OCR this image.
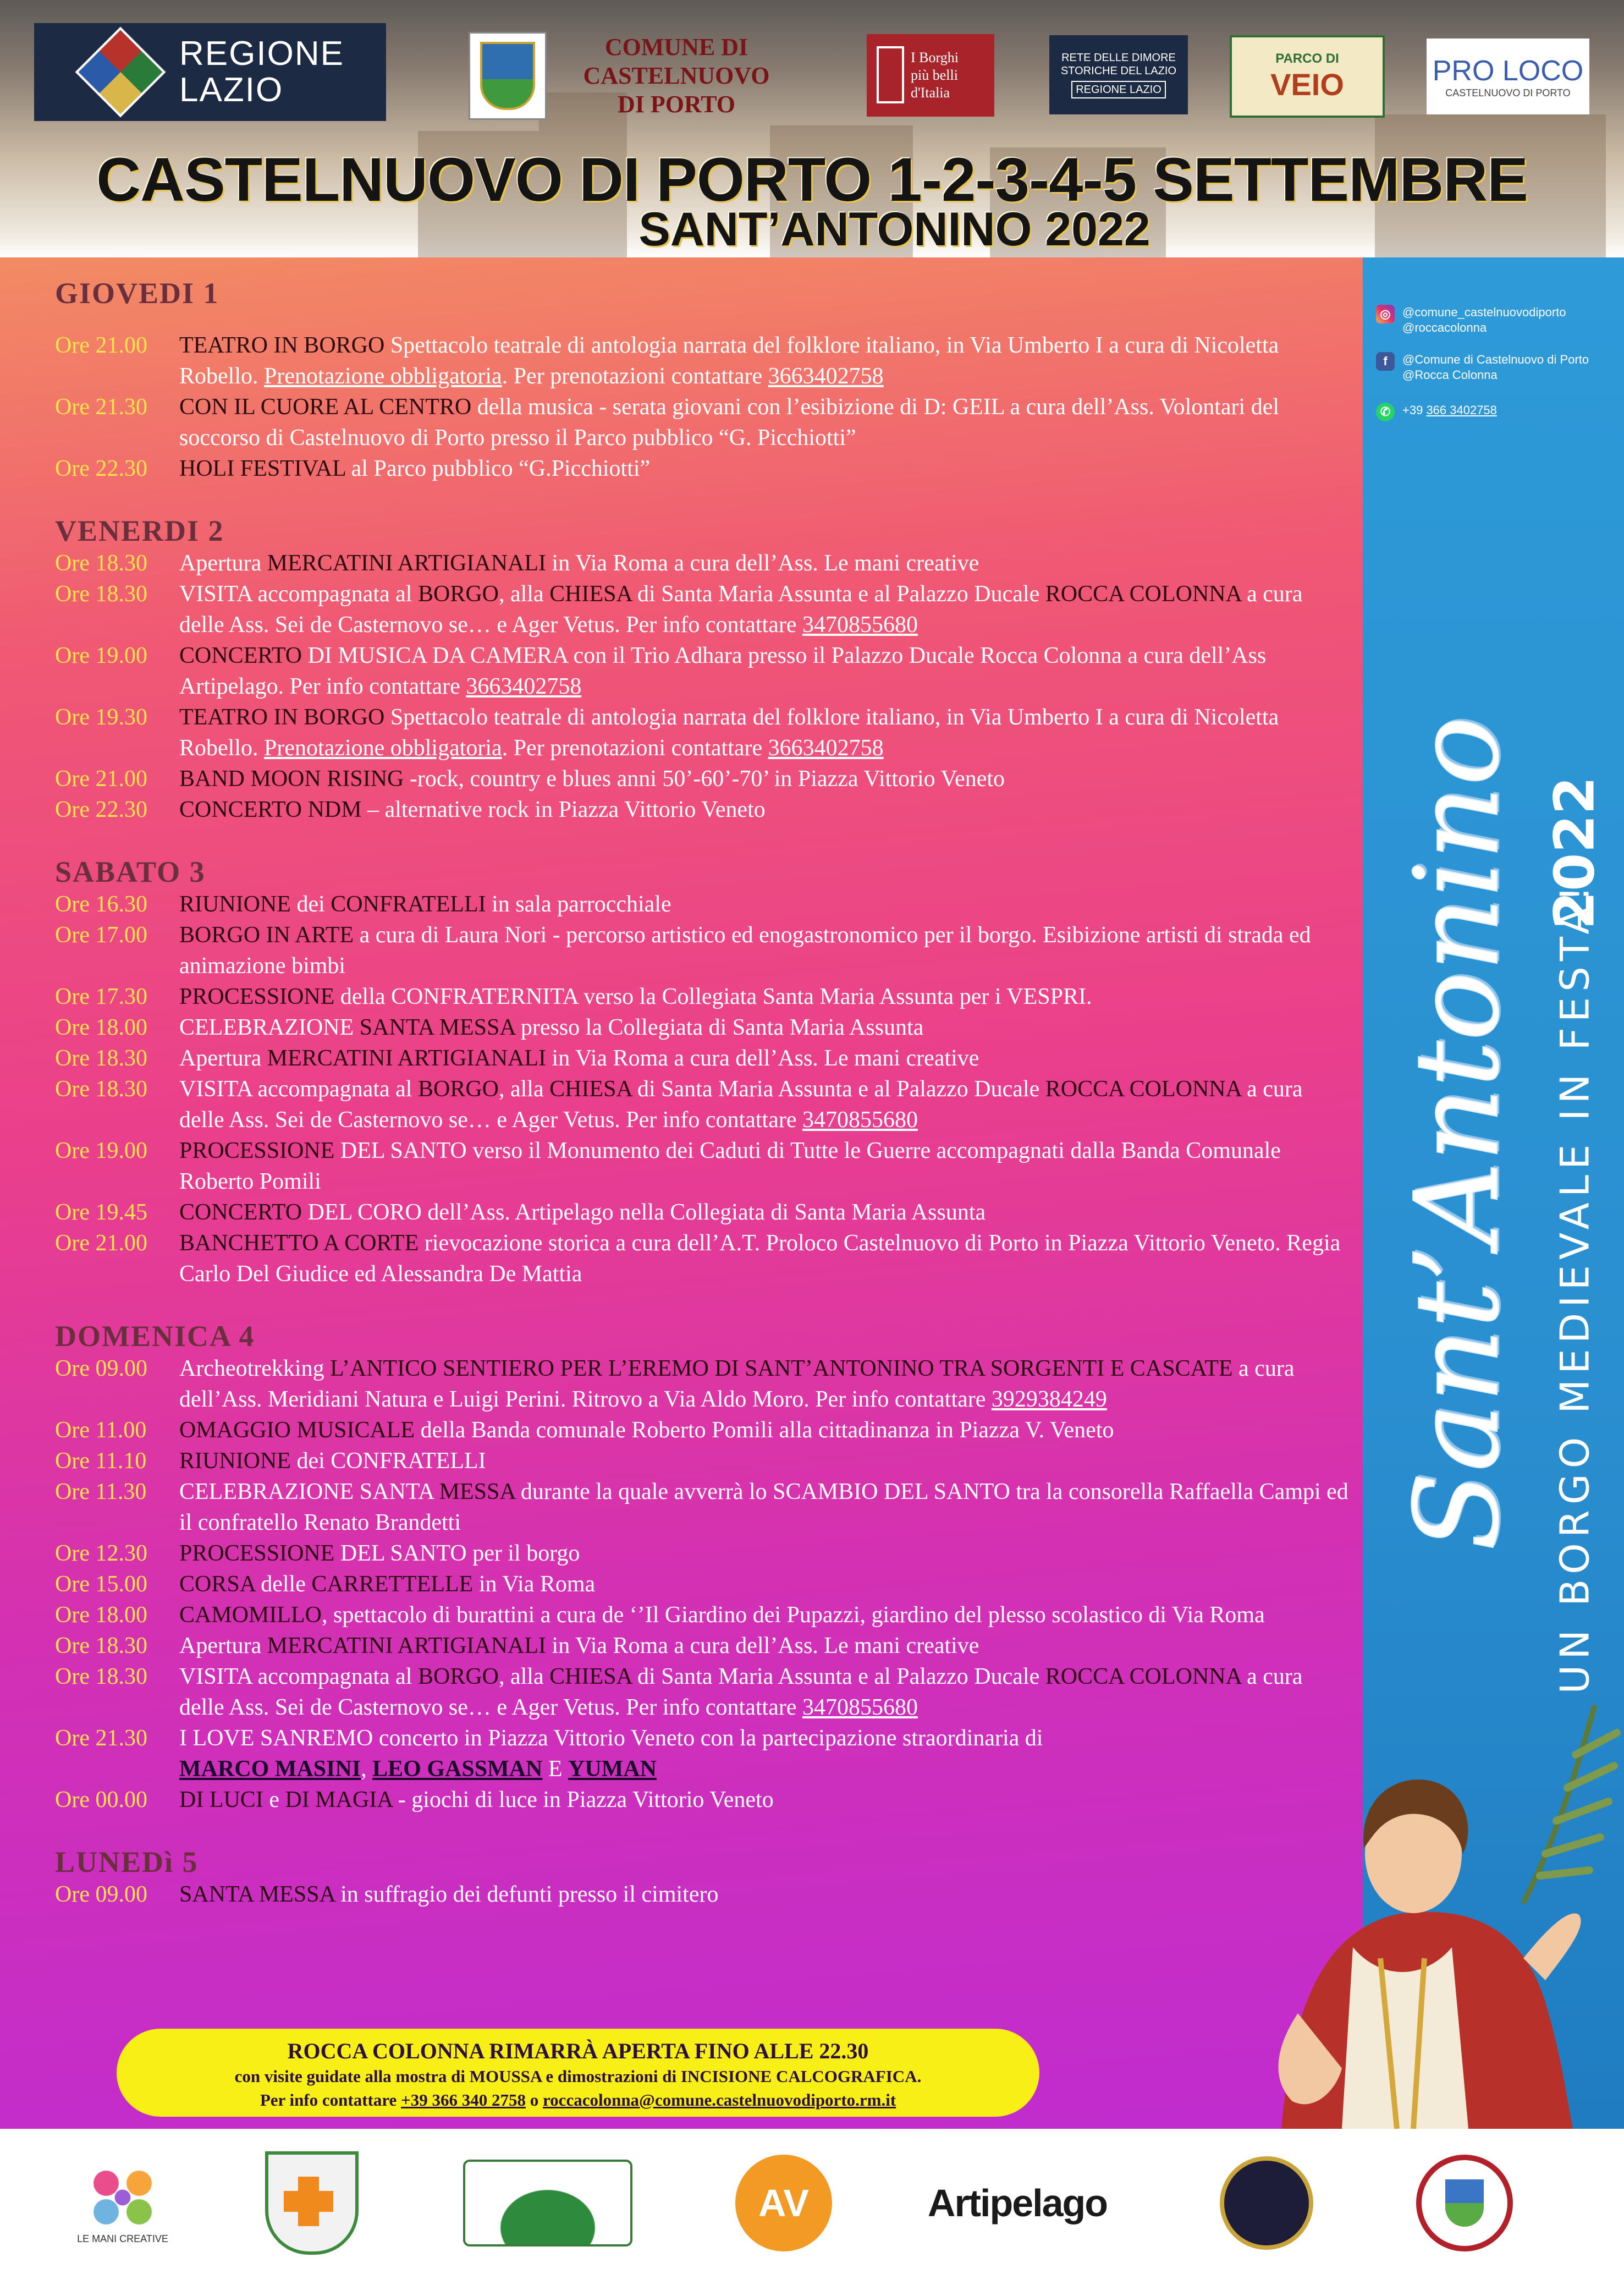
REGIONE
LAZIO
COMUNE DI
CASTELNUOVO
DI PORTO
I Borghi
più belli
d'Italia
RETE DELLE DIMORE
STORICHE DEL LAZIO
REGIONE LAZIO
PARCO DI
VEIO	PRO LOCO
CASTELNUOVO DI PORTO
CASTELNUOVO DI PORTO 1-2-3-4-5 SETTEMBRE
SANT’ANTONINO 2022
GIOVEDI 1
Ore 21.00 TEATRO IN BORGO Spettacolo teatrale di antologia narrata del folklore italiano, in Via Umberto I a cura di Nicoletta Robello. Prenotazione obbligatoria. Per prenotazioni contattare 3663402758
Ore 21.30 CON IL CUORE AL CENTRO della musica - serata giovani con l’esibizione di D: GEIL a cura dell’Ass. Volontari del soccorso di Castelnuovo di Porto presso il Parco pubblico “G. Picchiotti”
Ore 22.30 HOLI FESTIVAL al Parco pubblico “G.Picchiotti”
VENERDI 2
Ore 18.30 Apertura MERCATINI ARTIGIANALI in Via Roma a cura dell’Ass. Le mani creative
Ore 18.30 VISITA accompagnata al BORGO, alla CHIESA di Santa Maria Assunta e al Palazzo Ducale ROCCA COLONNA a cura delle Ass. Sei de Casternovo se… e Ager Vetus. Per info contattare 3470855680
Ore 19.00 CONCERTO DI MUSICA DA CAMERA con il Trio Adhara presso il Palazzo Ducale Rocca Colonna a cura dell’Ass Artipelago. Per info contattare 3663402758
Ore 19.30 TEATRO IN BORGO Spettacolo teatrale di antologia narrata del folklore italiano, in Via Umberto I a cura di Nicoletta Robello. Prenotazione obbligatoria. Per prenotazioni contattare 3663402758
Ore 21.00 BAND MOON RISING -rock, country e blues anni 50’-60’-70’ in Piazza Vittorio Veneto
Ore 22.30 CONCERTO NDM – alternative rock in Piazza Vittorio Veneto
SABATO 3
Ore 16.30 RIUNIONE dei CONFRATELLI in sala parrocchiale
Ore 17.00 BORGO IN ARTE a cura di Laura Nori - percorso artistico ed enogastronomico per il borgo. Esibizione artisti di strada ed animazione bimbi
Ore 17.30 PROCESSIONE della CONFRATERNITA verso la Collegiata Santa Maria Assunta per i VESPRI.
Ore 18.00 CELEBRAZIONE SANTA MESSA presso la Collegiata di Santa Maria Assunta
Ore 18.30 Apertura MERCATINI ARTIGIANALI in Via Roma a cura dell’Ass. Le mani creative
Ore 18.30 VISITA accompagnata al BORGO, alla CHIESA di Santa Maria Assunta e al Palazzo Ducale ROCCA COLONNA a cura delle Ass. Sei de Casternovo se… e Ager Vetus. Per info contattare 3470855680
Ore 19.00 PROCESSIONE DEL SANTO verso il Monumento dei Caduti di Tutte le Guerre accompagnati dalla Banda Comunale Roberto Pomili
Ore 19.45 CONCERTO DEL CORO dell’Ass. Artipelago nella Collegiata di Santa Maria Assunta
Ore 21.00 BANCHETTO A CORTE rievocazione storica a cura dell’A.T. Proloco Castelnuovo di Porto in Piazza Vittorio Veneto. Regia Carlo Del Giudice ed Alessandra De Mattia
DOMENICA 4
Ore 09.00 Archeotrekking L’ANTICO SENTIERO PER L’EREMO DI SANT’ANTONINO TRA SORGENTI E CASCATE a cura dell’Ass. Meridiani Natura e Luigi Perini. Ritrovo a Via Aldo Moro. Per info contattare 3929384249
Ore 11.00 OMAGGIO MUSICALE della Banda comunale Roberto Pomili alla cittadinanza in Piazza V. Veneto
Ore 11.10 RIUNIONE dei CONFRATELLI
Ore 11.30 CELEBRAZIONE SANTA MESSA durante la quale avverrà lo SCAMBIO DEL SANTO tra la consorella Raffaella Campi ed il confratello Renato Brandetti
Ore 12.30 PROCESSIONE DEL SANTO per il borgo
Ore 15.00 CORSA delle CARRETTELLE in Via Roma
Ore 18.00 CAMOMILLO, spettacolo di burattini a cura de ‘’Il Giardino dei Pupazzi, giardino del plesso scolastico di Via Roma
Ore 18.30 Apertura MERCATINI ARTIGIANALI in Via Roma a cura dell’Ass. Le mani creative
Ore 18.30 VISITA accompagnata al BORGO, alla CHIESA di Santa Maria Assunta e al Palazzo Ducale ROCCA COLONNA a cura delle Ass. Sei de Casternovo se… e Ager Vetus. Per info contattare 3470855680
Ore 21.30 I LOVE SANREMO concerto in Piazza Vittorio Veneto con la partecipazione straordinaria di
MARCO MASINI, LEO GASSMAN E YUMAN
Ore 00.00 DI LUCI e DI MAGIA - giochi di luce in Piazza Vittorio Veneto
LUNEDì 5
Ore 09.00 SANTA MESSA in suffragio dei defunti presso il cimitero
ROCCA COLONNA RIMARRÀ APERTA FINO ALLE 22.30
con visite guidate alla mostra di MOUSSA e dimostrazioni di INCISIONE CALCOGRAFICA.
Per info contattare +39 366 340 2758 o roccacolonna@comune.castelnuovodiporto.rm.it
◎ @comune_castelnuovodiporto
@roccacolonna
f	@Comune di Castelnuovo di Porto
@Rocca Colonna
✆ +39 366 3402758
Sant’Antonino 2022
UN BORGO MEDIEVALE IN FESTA!
LE MANI CREATIVE
AV	Artipelago
